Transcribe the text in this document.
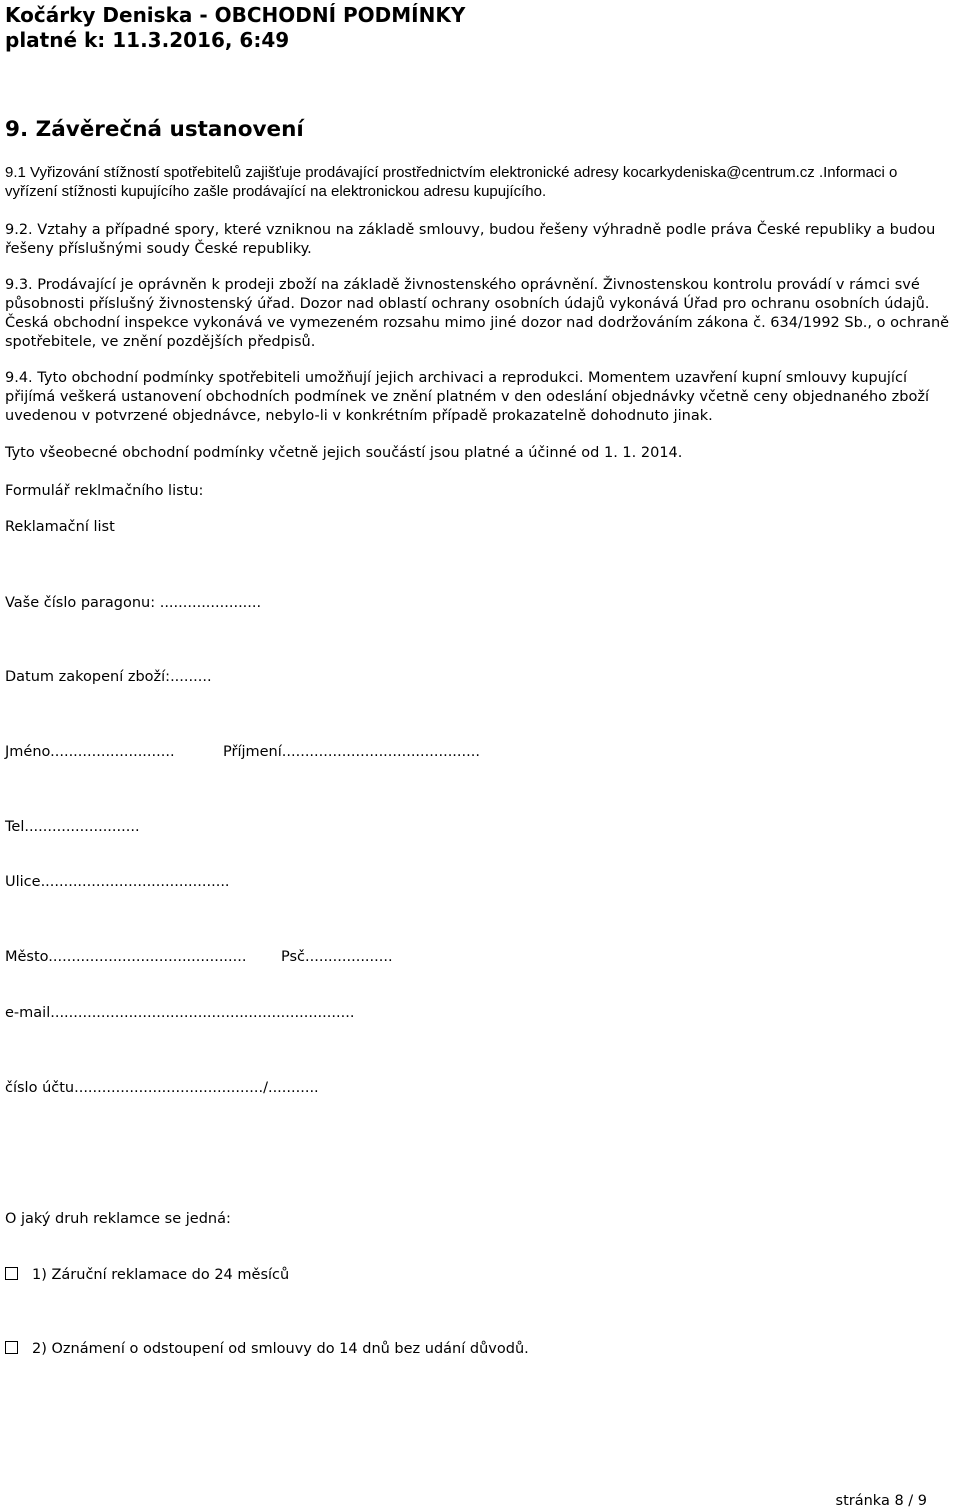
Kočárky Deniska - OBCHODNÍ PODMÍNKY
platné k: 11.3.2016, 6:49
9. Závěrečná ustanovení
9.1 Vyřizování stížností spotřebitelů zajišťuje prodávající prostřednictvím elektronické adresy kocarkydeniska@centrum.cz .Informaci o vyřízení stížnosti kupujícího zašle prodávající na elektronickou adresu kupujícího.
9.2. Vztahy a případné spory, které vzniknou na základě smlouvy, budou řešeny výhradně podle práva České republiky a budou řešeny příslušnými soudy České republiky.
9.3. Prodávající je oprávněn k prodeji zboží na základě živnostenského oprávnění. Živnostenskou kontrolu provádí v rámci své působnosti příslušný živnostenský úřad. Dozor nad oblastí ochrany osobních údajů vykonává Úřad pro ochranu osobních údajů. Česká obchodní inspekce vykonává ve vymezeném rozsahu mimo jiné dozor nad dodržováním zákona č. 634/1992 Sb., o ochraně spotřebitele, ve znění pozdějších předpisů.
9.4. Tyto obchodní podmínky spotřebiteli umožňují jejich archivaci a reprodukci. Momentem uzavření kupní smlouvy kupující přijímá veškerá ustanovení obchodních podmínek ve znění platném v den odeslání objednávky včetně ceny objednaného zboží uvedenou v potvrzené objednávce, nebylo-li v konkrétním případě prokazatelně dohodnuto jinak.
Tyto všeobecné obchodní podmínky včetně jejich součástí jsou platné a účinné od 1. 1. 2014.
Formulář reklmačního listu:
Reklamační list
Vaše číslo paragonu: ......................
Datum zakopení zboží:.........
Jméno...........................	Příjmení...........................................
Tel.........................
Ulice.........................................
Město........................................... Psč...................
e-mail..................................................................
číslo účtu........................................./...........
O jaký druh reklamce se jedná:
1) Záruční reklamace do 24 měsíců
2) Oznámení o odstoupení od smlouvy do 14 dnů bez udání důvodů.
stránka 8 / 9
